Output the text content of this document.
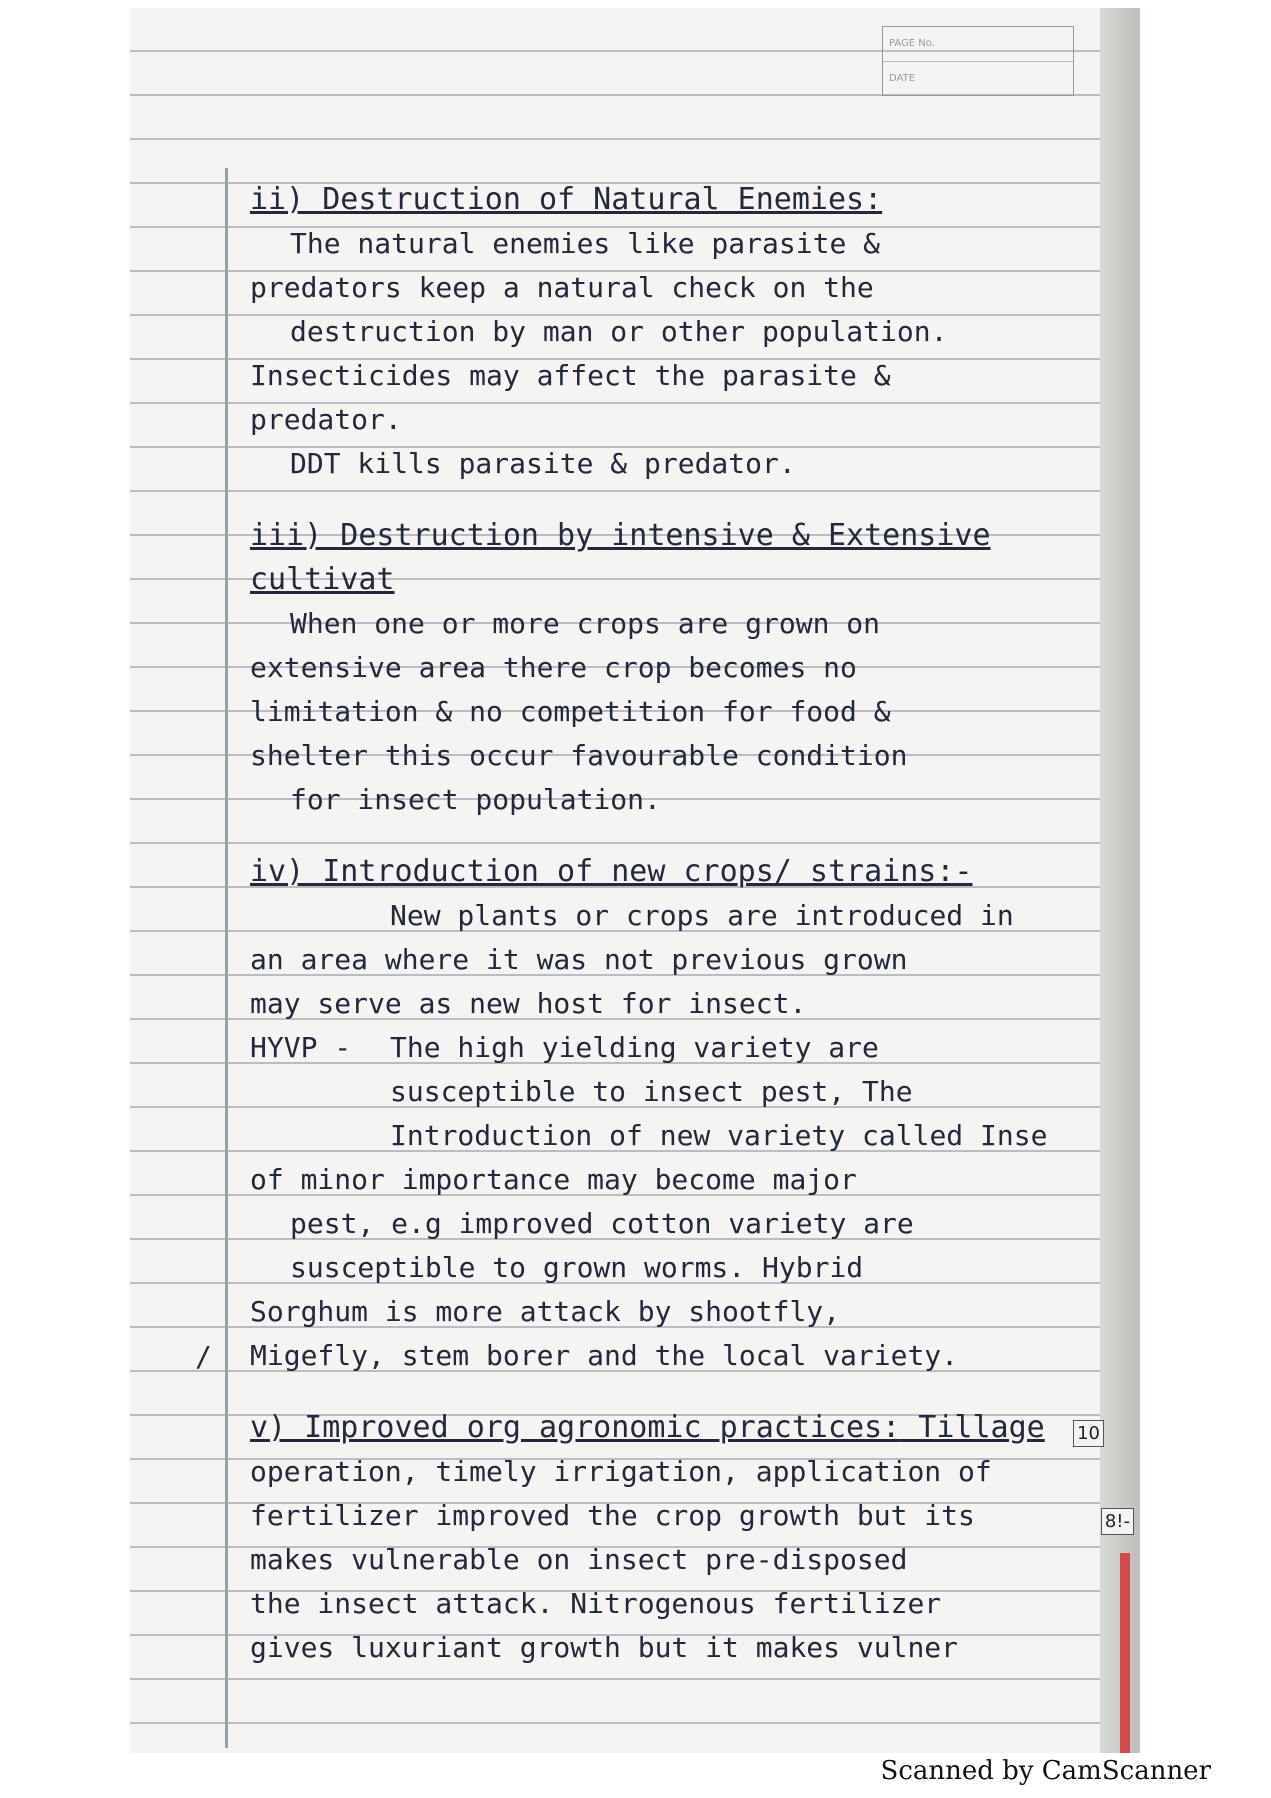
PAGE No.
DATE
ii) Destruction of Natural Enemies:
The natural enemies like parasite &
predators keep a natural check on the
destruction by man or other population.
Insecticides may affect the parasite &
predator.
DDT kills parasite & predator.
iii) Destruction by intensive & Extensive cultivat
When one or more crops are grown on
extensive area there crop becomes no
limitation & no competition for food &
shelter this occur favourable condition
for insect population.
iv) Introduction of new crops/ strains:-
New plants or crops are introduced in
an area where it was not previous grown
may serve as new host for insect.
HYVP -	The high yielding variety are
susceptible to insect pest, The
Introduction of new variety called Inse
of minor importance may become major
pest, e.g improved cotton variety are
susceptible to grown worms. Hybrid
Sorghum is more attack by shootfly,
Migefly, stem borer and the local variety.
v) Improved org agronomic practices: Tillage
operation, timely irrigation, application of
fertilizer improved the crop growth but its
makes vulnerable on insect pre-disposed
the insect attack. Nitrogenous fertilizer
gives luxuriant growth but it makes vulner
10
8!-
/
Scanned by CamScanner
